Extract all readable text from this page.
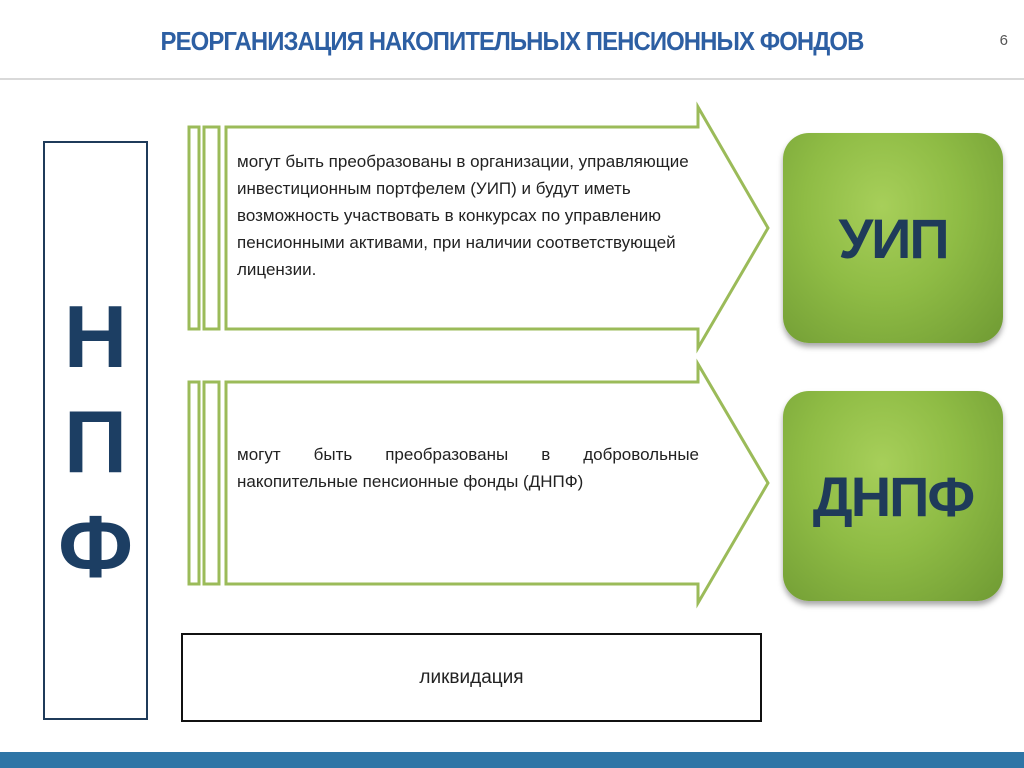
РЕОРГАНИЗАЦИЯ НАКОПИТЕЛЬНЫХ ПЕНСИОННЫХ ФОНДОВ	6
Н
П
Ф
могут быть преобразованы в организации, управляющие инвестиционным портфелем (УИП) и будут иметь возможность участвовать в конкурсах по управлению пенсионными активами, при наличии соответствующей лицензии.
могут быть преобразованы в добровольные накопительные пенсионные фонды (ДНПФ)
УИП
ДНПФ
ликвидация
